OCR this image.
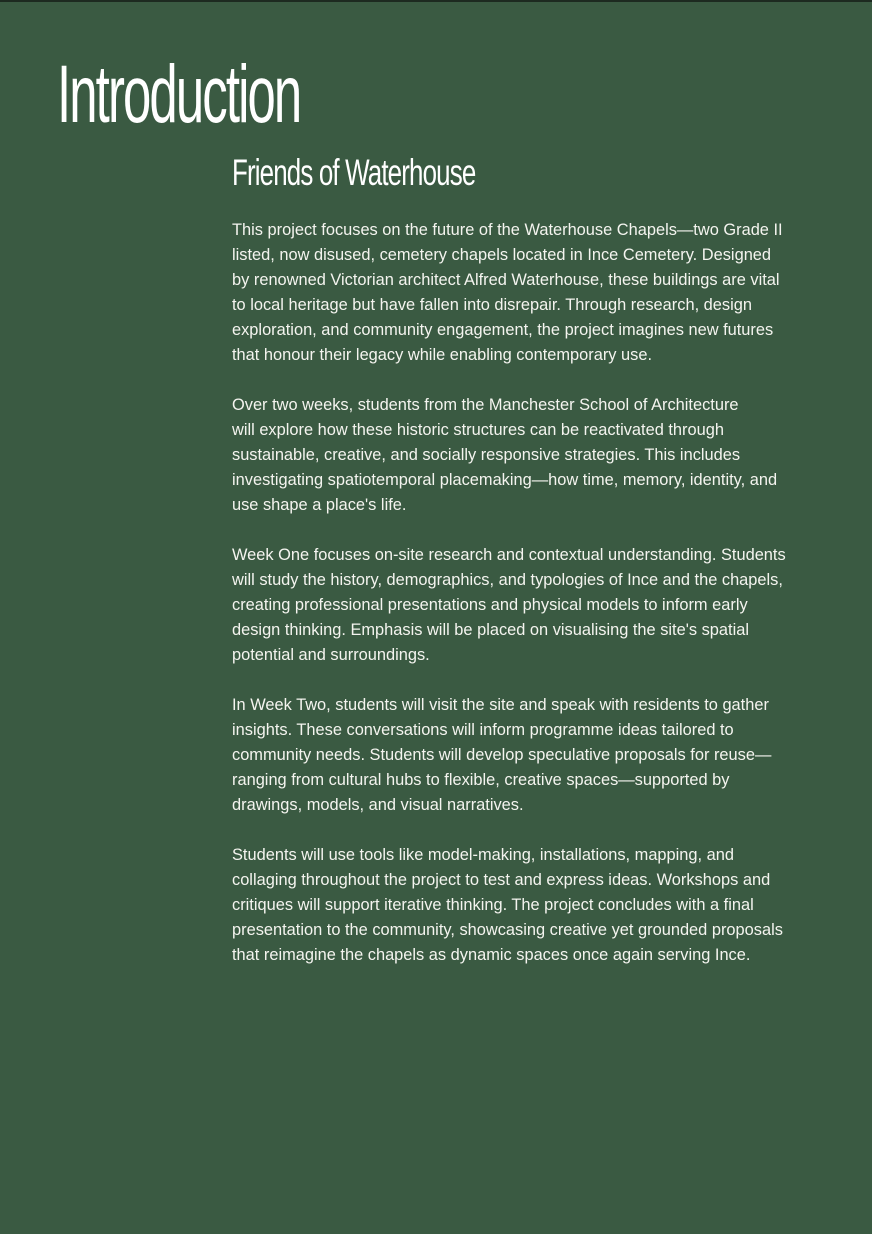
Introduction
Friends of Waterhouse

This project focuses on the future of the Waterhouse Chapels—two Grade II
listed, now disused, cemetery chapels located in Ince Cemetery. Designed
by renowned Victorian architect Alfred Waterhouse, these buildings are vital
to local heritage but have fallen into disrepair. Through research, design
exploration, and community engagement, the project imagines new futures
that honour their legacy while enabling contemporary use.

Over two weeks, students from the Manchester School of Architecture
will explore how these historic structures can be reactivated through
sustainable, creative, and socially responsive strategies. This includes
investigating spatiotemporal placemaking—how time, memory, identity, and
use shape a place's life.

Week One focuses on-site research and contextual understanding. Students
will study the history, demographics, and typologies of Ince and the chapels,
creating professional presentations and physical models to inform early
design thinking. Emphasis will be placed on visualising the site's spatial
potential and surroundings.

In Week Two, students will visit the site and speak with residents to gather
insights. These conversations will inform programme ideas tailored to
community needs. Students will develop speculative proposals for reuse—
ranging from cultural hubs to flexible, creative spaces—supported by
drawings, models, and visual narratives.

Students will use tools like model-making, installations, mapping, and
collaging throughout the project to test and express ideas. Workshops and
critiques will support iterative thinking. The project concludes with a final
presentation to the community, showcasing creative yet grounded proposals
that reimagine the chapels as dynamic spaces once again serving Ince.
